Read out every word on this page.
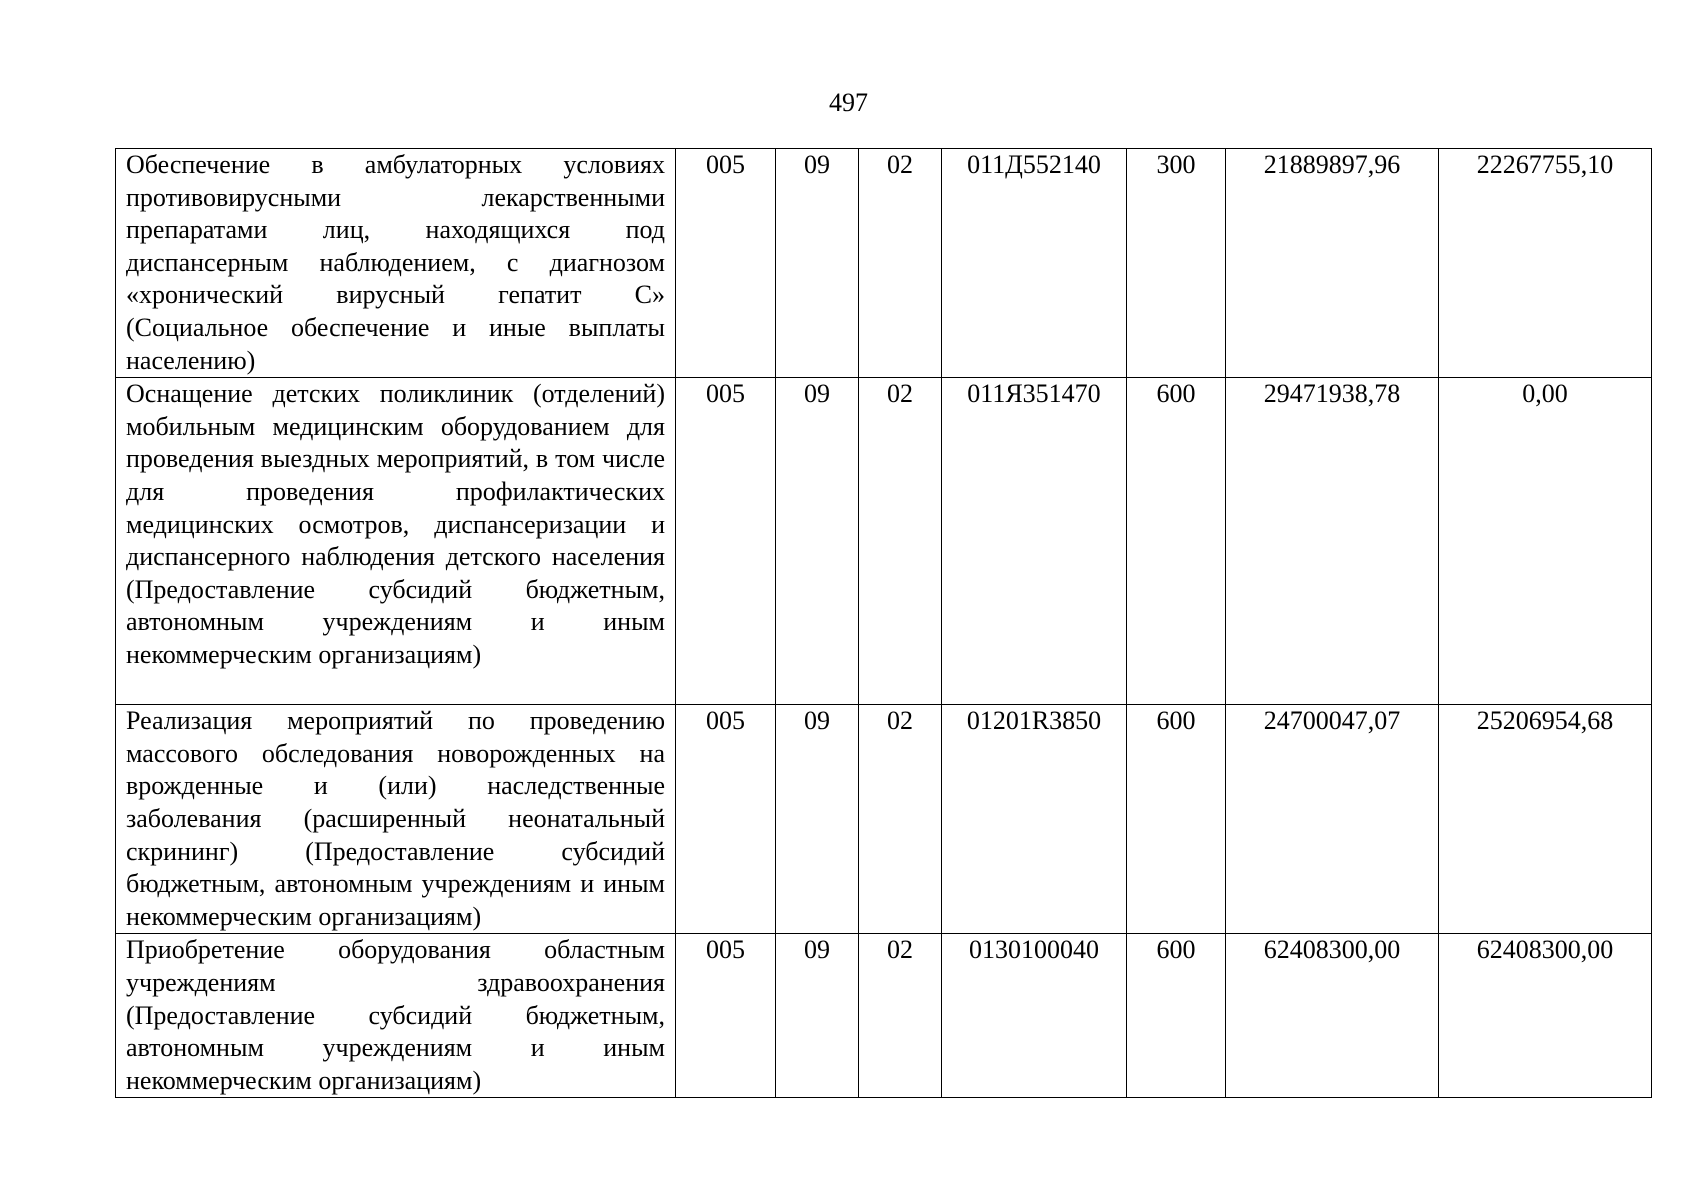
497
Обеспечение в амбулаторных условиях противовирусными лекарственными препаратами лиц, находящихся под диспансерным наблюдением, с диагнозом «хронический вирусный гепатит С» (Социальное обеспечение и иные выплаты населению)	005	09	02	011Д552140	300	21889897,96	22267755,10
Оснащение детских поликлиник (отделений) мобильным медицинским оборудованием для проведения выездных мероприятий, в том числе для проведения профилактических медицинских осмотров, диспансеризации и диспансерного наблюдения детского населения (Предоставление субсидий бюджетным, автономным учреждениям и иным некоммерческим организациям)	005	09	02	011Я351470	600	29471938,78	0,00
Реализация мероприятий по проведению массового обследования новорожденных на врожденные и (или) наследственные заболевания (расширенный неонатальный скрининг) (Предоставление субсидий бюджетным, автономным учреждениям и иным некоммерческим организациям)	005	09	02	01201R3850	600	24700047,07	25206954,68
Приобретение оборудования областным учреждениям здравоохранения (Предоставление субсидий бюджетным, автономным учреждениям и иным некоммерческим организациям)	005	09	02	0130100040	600	62408300,00	62408300,00
